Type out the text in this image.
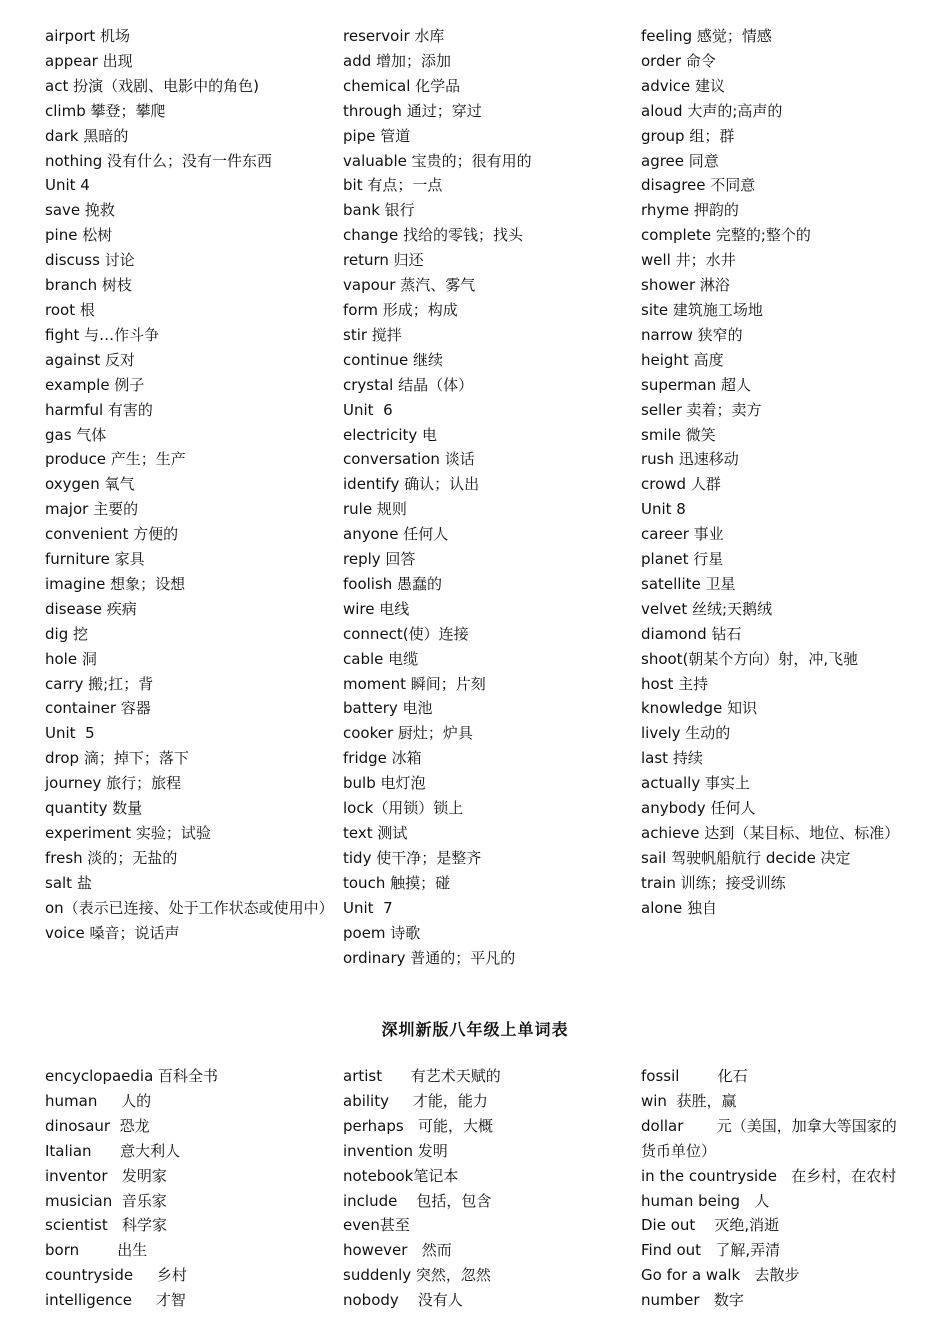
airport 机场
appear 出现
act 扮演（戏剧、电影中的角色)
climb 攀登；攀爬
dark 黑暗的
nothing 没有什么；没有一件东西
Unit 4
save 挽救
pine 松树
discuss 讨论
branch 树枝
root 根
fight 与…作斗争
against 反对
example 例子
harmful 有害的
gas 气体
produce 产生；生产
oxygen 氧气
major 主要的
convenient 方便的
furniture 家具
imagine 想象；设想
disease 疾病
dig 挖
hole 洞
carry 搬;扛；背
container 容器
Unit  5
drop 滴；掉下；落下
journey 旅行；旅程
quantity 数量
experiment 实验；试验
fresh 淡的；无盐的
salt 盐
on（表示已连接、处于工作状态或使用中）
voice 嗓音；说话声
reservoir 水库
add 增加；添加
chemical 化学品
through 通过；穿过
pipe 管道
valuable 宝贵的；很有用的
bit 有点；一点
bank 银行
change 找给的零钱；找头
return 归还
vapour 蒸汽、雾气
form 形成；构成
stir 搅拌
continue 继续
crystal 结晶（体）
Unit  6
electricity 电
conversation 谈话
identify 确认；认出
rule 规则
anyone 任何人
reply 回答
foolish 愚蠢的
wire 电线
connect(使）连接
cable 电缆
moment 瞬间；片刻
battery 电池
cooker 厨灶；炉具
fridge 冰箱
bulb 电灯泡
lock（用锁）锁上
text 测试
tidy 使干净；是整齐
touch 触摸；碰
Unit  7
poem 诗歌
ordinary 普通的；平凡的
feeling 感觉；情感
order 命令
advice 建议
aloud 大声的;高声的
group 组；群
agree 同意
disagree 不同意
rhyme 押韵的
complete 完整的;整个的
well 井；水井
shower 淋浴
site 建筑施工场地
narrow 狭窄的
height 高度
superman 超人
seller 卖着；卖方
smile 微笑
rush 迅速移动
crowd 人群
Unit 8
career 事业
planet 行星
satellite 卫星
velvet 丝绒;天鹅绒
diamond 钻石
shoot(朝某个方向）射，冲,飞驰
host 主持
knowledge 知识
lively 生动的
last 持续
actually 事实上
anybody 任何人
achieve 达到（某目标、地位、标准）
sail 驾驶帆船航行 decide 决定
train 训练；接受训练
alone 独自
深圳新版八年级上单词表
encyclopaedia 百科全书
human     人的
dinosaur  恐龙
Italian      意大利人
inventor   发明家
musician  音乐家
scientist   科学家
born        出生
countryside     乡村
intelligence     才智
artist      有艺术天赋的
ability     才能，能力
perhaps   可能，大概
invention 发明
notebook笔记本
include    包括，包含
even甚至
however   然而
suddenly 突然，忽然
nobody    没有人
fossil        化石
win  获胜，赢
dollar       元（美国，加拿大等国家的货币单位）
in the countryside   在乡村，在农村
human being   人
Die out    灭绝,消逝
Find out   了解,弄清
Go for a walk   去散步
number   数字
